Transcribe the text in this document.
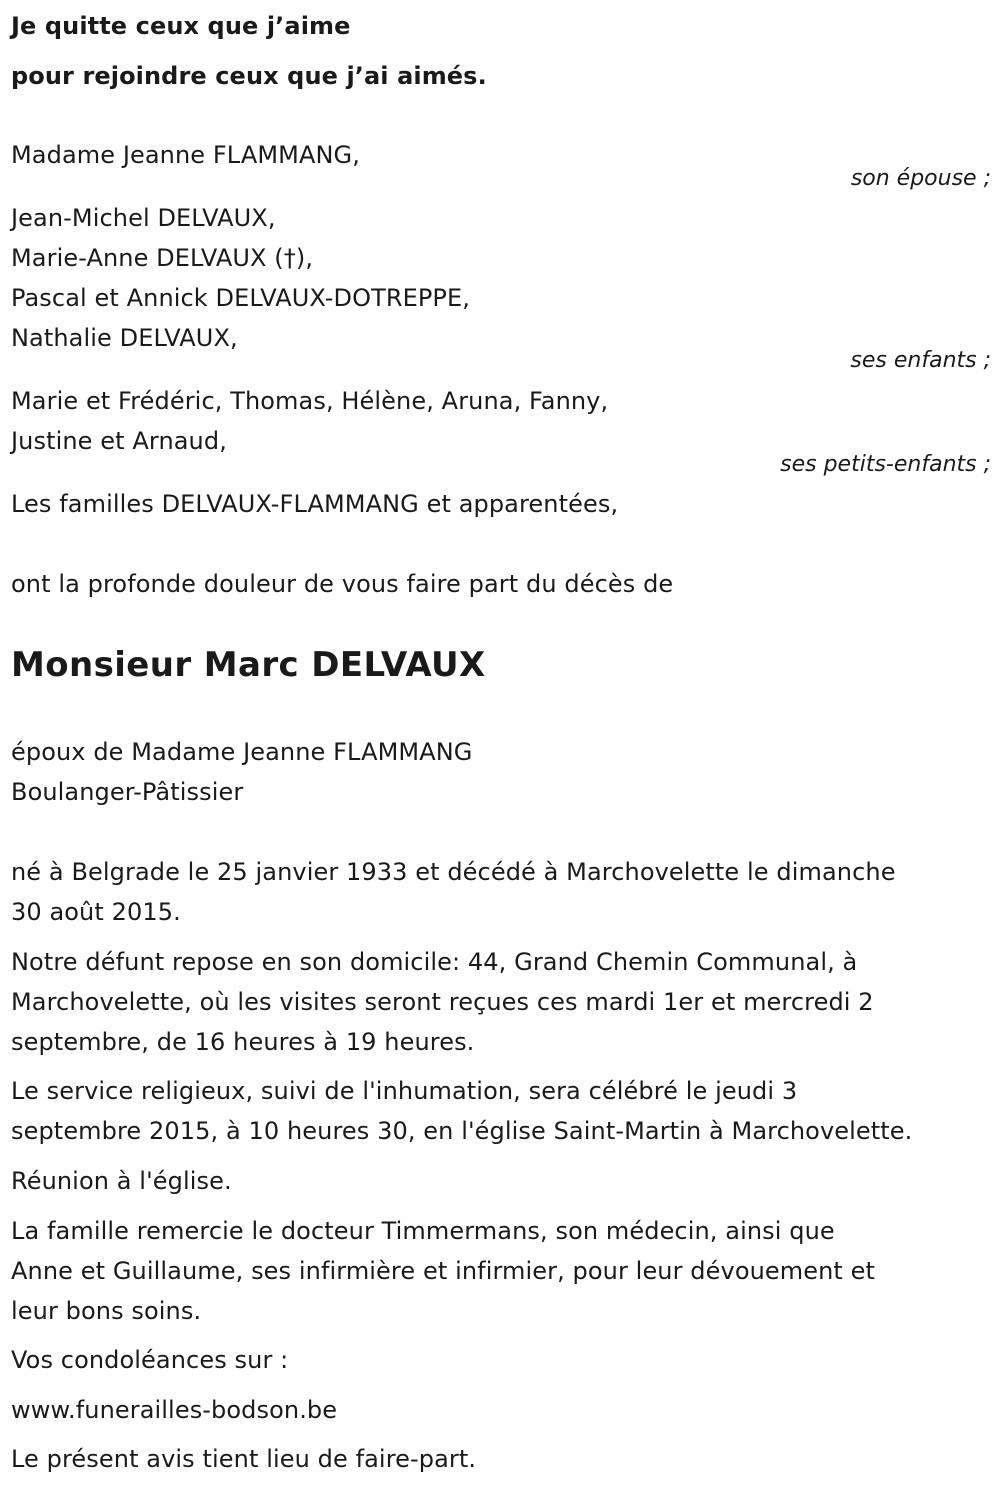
Je quitte ceux que j’aime
pour rejoindre ceux que j’ai aimés.
Madame Jeanne FLAMMANG,
son épouse ;
Jean-Michel DELVAUX,
Marie-Anne DELVAUX (†),
Pascal et Annick DELVAUX-DOTREPPE,
Nathalie DELVAUX,
ses enfants ;
Marie et Frédéric, Thomas, Hélène, Aruna, Fanny,
Justine et Arnaud,
ses petits-enfants ;
Les familles DELVAUX-FLAMMANG et apparentées,
ont la profonde douleur de vous faire part du décès de
Monsieur Marc DELVAUX
époux de Madame Jeanne FLAMMANG
Boulanger-Pâtissier
né à Belgrade le 25 janvier 1933 et décédé à Marchovelette le dimanche
30 août 2015.
Notre défunt repose en son domicile: 44, Grand Chemin Communal, à
Marchovelette, où les visites seront reçues ces mardi 1er et mercredi 2
septembre, de 16 heures à 19 heures.
Le service religieux, suivi de l'inhumation, sera célébré le jeudi 3
septembre 2015, à 10 heures 30, en l'église Saint-Martin à Marchovelette.
Réunion à l'église.
La famille remercie le docteur Timmermans, son médecin, ainsi que
Anne et Guillaume, ses infirmière et infirmier, pour leur dévouement et
leur bons soins.
Vos condoléances sur :
www.funerailles-bodson.be
Le présent avis tient lieu de faire-part.
